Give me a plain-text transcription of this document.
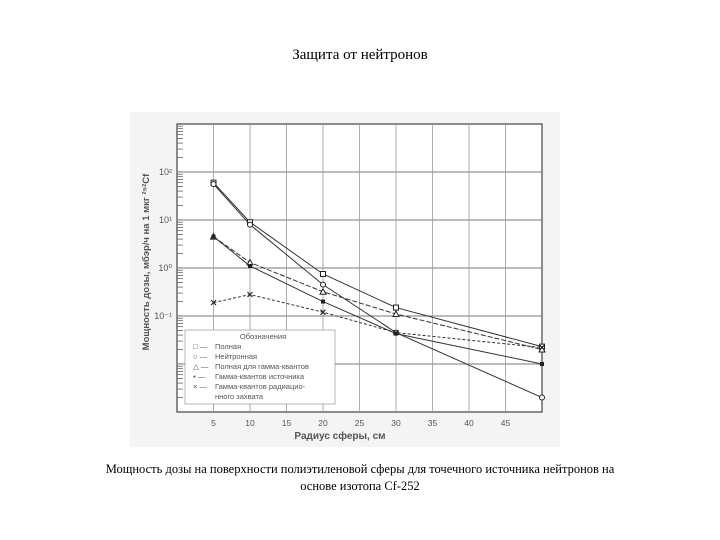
Защита от нейтронов
10²
10¹
10⁰
10⁻¹
5	10	15	20	25	30	35	40	45
Обозначения
□ — Полная
○ — Нейтронная
△ — Полная для гамма-квантов
▪ — Гамма-квантов источника
× — Гамма-квантов радиацио-
нного захвата
Радиус сферы, см
Мощность дозы, мбэр/ч на 1 мкг ²⁵²Cf
Мощность дозы на поверхности полиэтиленовой сферы для точечного источника нейтронов на
основе изотопа Cf-252
